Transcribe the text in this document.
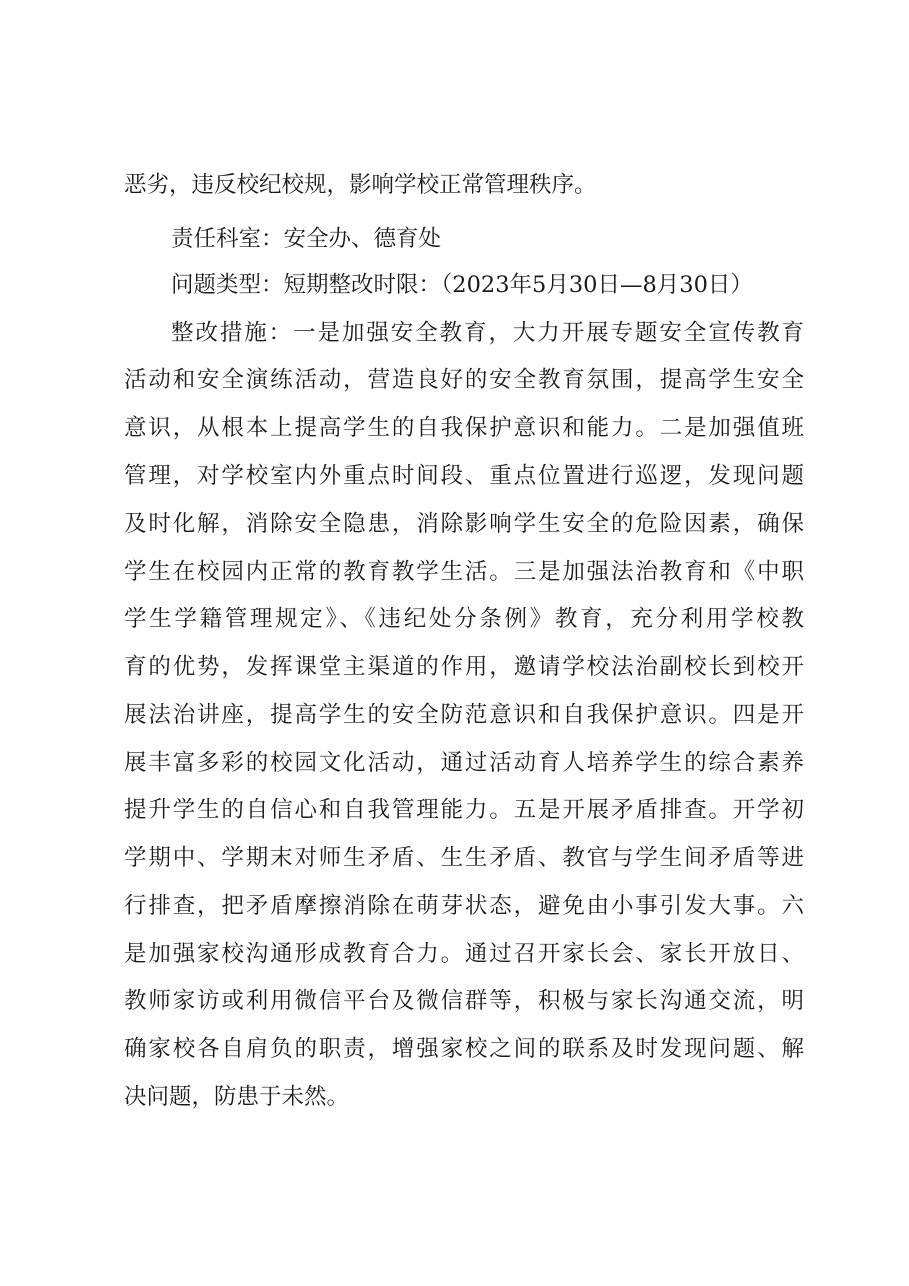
恶劣，违反校纪校规，影响学校正常管理秩序。
责任科室：安全办、德育处
问题类型：短期整改时限：（2023年5月30日—8月30日）
整改措施：一是加强安全教育，大力开展专题安全宣传教育
活动和安全演练活动，营造良好的安全教育氛围，提高学生安全
意识，从根本上提高学生的自我保护意识和能力。二是加强值班
管理，对学校室内外重点时间段、重点位置进行巡逻，发现问题
及时化解，消除安全隐患，消除影响学生安全的危险因素，确保
学生在校园内正常的教育教学生活。三是加强法治教育和《中职
学生学籍管理规定》、《违纪处分条例》教育，充分利用学校教
育的优势，发挥课堂主渠道的作用，邀请学校法治副校长到校开
展法治讲座，提高学生的安全防范意识和自我保护意识。四是开
展丰富多彩的校园文化活动，通过活动育人培养学生的综合素养
提升学生的自信心和自我管理能力。五是开展矛盾排查。开学初
学期中、学期末对师生矛盾、生生矛盾、教官与学生间矛盾等进
行排查，把矛盾摩擦消除在萌芽状态，避免由小事引发大事。六
是加强家校沟通形成教育合力。通过召开家长会、家长开放日、
教师家访或利用微信平台及微信群等，积极与家长沟通交流，明
确家校各自肩负的职责，增强家校之间的联系及时发现问题、解
决问题，防患于未然。
